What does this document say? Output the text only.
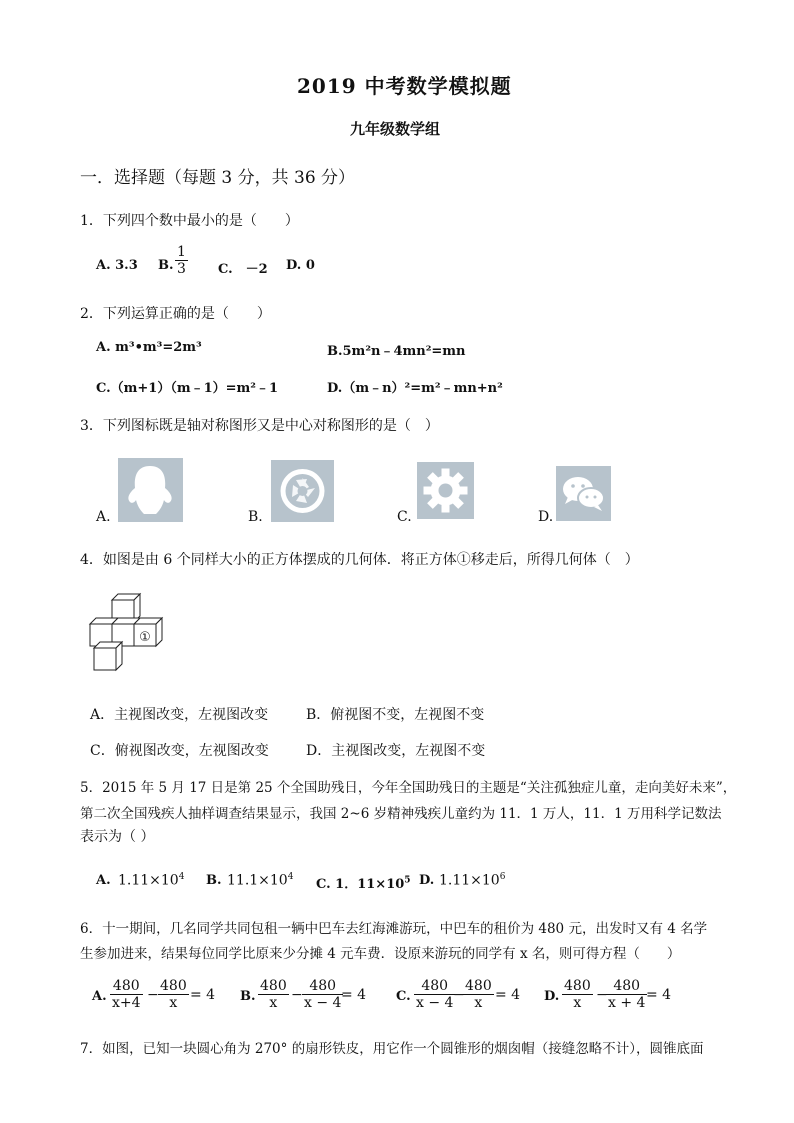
2019 中考数学模拟题
九年级数学组
一．选择题（每题 3 分，共 36 分）
1．下列四个数中最小的是（　　）
A. 3.3 B. $\frac{1}{3} C$.　－2 D. 0
2．下列运算正确的是（　　）
A. m³•m³=2m³	B.5m²n﹣4mn²=mn
C.（m+1）（m﹣1）=m²﹣1	D.（m﹣n）²=m²﹣mn+n²
3．下列图标既是轴对称图形又是中心对称图形的是（　）
A.	B.	C.	D.
4．如图是由 6 个同样大小的正方体摆成的几何体．将正方体①移走后，所得几何体（　）
①
A．主视图改变，左视图改变	B．俯视图不变，左视图不变
C．俯视图改变，左视图改变	D．主视图改变，左视图不变
5．2015 年 5 月 17 日是第 25 个全国助残日，今年全国助残日的主题是“关注孤独症儿童，走向美好未来”，
第二次全国残疾人抽样调查结果显示，我国 2~6 岁精神残疾儿童约为 11．1 万人，11．1 万用科学记数法
表示为（ ）
A. $1.11\times 10^4$ B. $11.1\times 10^4$ C. 1．$11\times 10^5$ D. $1.11\times 10^6$
6．十一期间，几名同学共同包租一辆中巴车去红海滩游玩，中巴车的租价为 480 元，出发时又有 4 名学
生参加进来，结果每位同学比原来少分摊 4 元车费．设原来游玩的同学有 x 名，则可得方程（　　）
A. $\frac{480}{x+4} - \frac{480}{x} = 4$ B. $\frac{480}{x} - \frac{480}{x - 4}$
= 4 C. $\frac{480}{x - 4}$
−
$\frac{480}{x} = 4$ D. $\frac{480}{x}$ −
$\frac{480}{x + 4}$
= 4
7．如图，已知一块圆心角为 270° 的扇形铁皮，用它作一个圆锥形的烟囱帽（接缝忽略不计），圆锥底面
